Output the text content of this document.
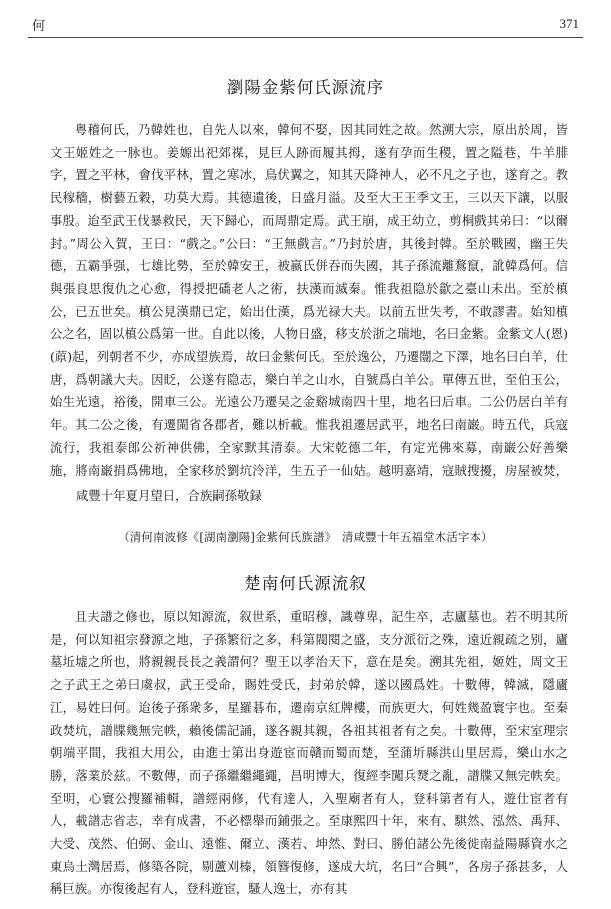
何	371
瀏陽金紫何氏源流序

粤稽何氏，乃韓姓也，自先人以來，韓何不娶，因其同姓之故。然溯大宗，原出於周，皆文王姬姓之一脉也。姜嫄出祀郊禖，見巨人跡而履其拇，遂有孕而生稷，置之隘巷，牛羊腓字，置之平林，會伐平林，置之寒冰，鳥伏翼之，知其天降神人，必不凡之子也，遂育之。教民稼穡，樹藝五穀，功莫大焉。其德遺後，日盛月溢。及至大王王季文王，三以天下讓，以服事殷。迨至武王伐暴救民，天下歸心，而周鼎定焉。武王崩，成王幼立，剪桐戲其弟曰：“以爾封。”周公入賀，王曰：“戲之。”公曰：“王無戲言。”乃封於唐，其後封韓。至於戰國，幽王失德，五霸爭强，七雄比勢，至於韓安王，被嬴氏併吞而失國，其子孫流離鶩竄，訛韓爲何。信與張良思復仇之心愈，得授把礄老人之術，扶漢而滅秦。惟我祖隐於歙之臺山未出。至於槙公，已五世矣。槙公見漢鼎已定，始出仕漢，爲光禄大夫。以前五世失考，不敢謬書。始知槙公之名，固以槙公爲第一世。自此以後，人物日盛，移支於浙之瑞地，名曰金紫。金紫文人(恩)(蒝)起，列朝者不少，亦成望族焉，故曰金紫何氏。至於逸公，乃遷闓之下澤，地名曰白羊，仕唐，爲朝議大夫。因眨，公遂有隐志，樂白羊之山水，自號爲白羊公。單傳五世，至伯玉公，始生光遠，裕後，開車三公。光遠公乃遷吴之金谿城南四十里，地名曰后車。二公仍居白羊有年。其二公之後，有遷閩省各郡者，難以析載。惟我祖遷居武平，地名曰南巌。時五代，兵寇流行，我祖泰郎公祈神供佛，全家默其清泰。大宋乾德二年，有定光佛來募，南巌公好善樂施，將南巌捐爲佛地，全家移於劉坑泠洋，生五子一仙姑。越明嘉靖，寇賊搜擾，房屋被焚，

咸豐十年夏月望日，合族嗣孫敬録
（清何南波修《[湖南瀏陽]金紫何氏族譜》　清咸豐十年五福堂木活字本）
楚南何氏源流叙

且夫譜之修也，原以知源流，叙世系，重昭穆，識尊卑，記生卒，志廬墓也。若不明其所是，何以知祖宗發源之地，子孫繁衍之多，科第閥閱之盛，支分派衍之殊，遠近親疏之别，廬墓坵墟之所也，將親親長長之義謂何？聖王以孝治天下，意在是矣。溯其先祖，姬姓，周文王之子武王之弟曰虞叔，武王受命，賜姓受氏，封弟於韓，遂以國爲姓。十數傳，韓滅，隱廬江，易姓曰何。迨後子孫衆多，星羅碁布，遷南京紅牌樓，而族更大，何姓幾盈寰宇也。至秦政焚坑，譜牒幾無完帙，賴後儒記誦，遂各親其親，各祖其祖者有之矣。十數傳，至宋室理宗朝端平間，我祖大用公，由進士第出身遊宦而贛而蜀而楚，至蒲圻縣洪山里居焉，樂山水之勝，落業於兹。不數傳，而子孫繼繼繩繩，昌明博大，復經李闖兵燹之亂，譜牒又無完帙矣。至明，心寰公搜羅補輯，譜經兩修，代有達人，入聖廟者有人，登科第者有人，遊仕宦者有人，載譜志省志，幸有成書，不必標舉而鋪張之。至康熙四十年，來有、騏然、泓然、禹拜、大受、茂然、伯弼、金山、遠惟、爾立、漢若、坤然、對曰、勝伯諸公先後徙南益陽縣資水之東烏土灣居焉，修築各院，剔蘆刈榛，領簪復修，遂成大坑，名曰“合興”，各房子孫甚多，人稱巨族。亦復後起有人，登科遊宦，騷人逸士，亦有其
